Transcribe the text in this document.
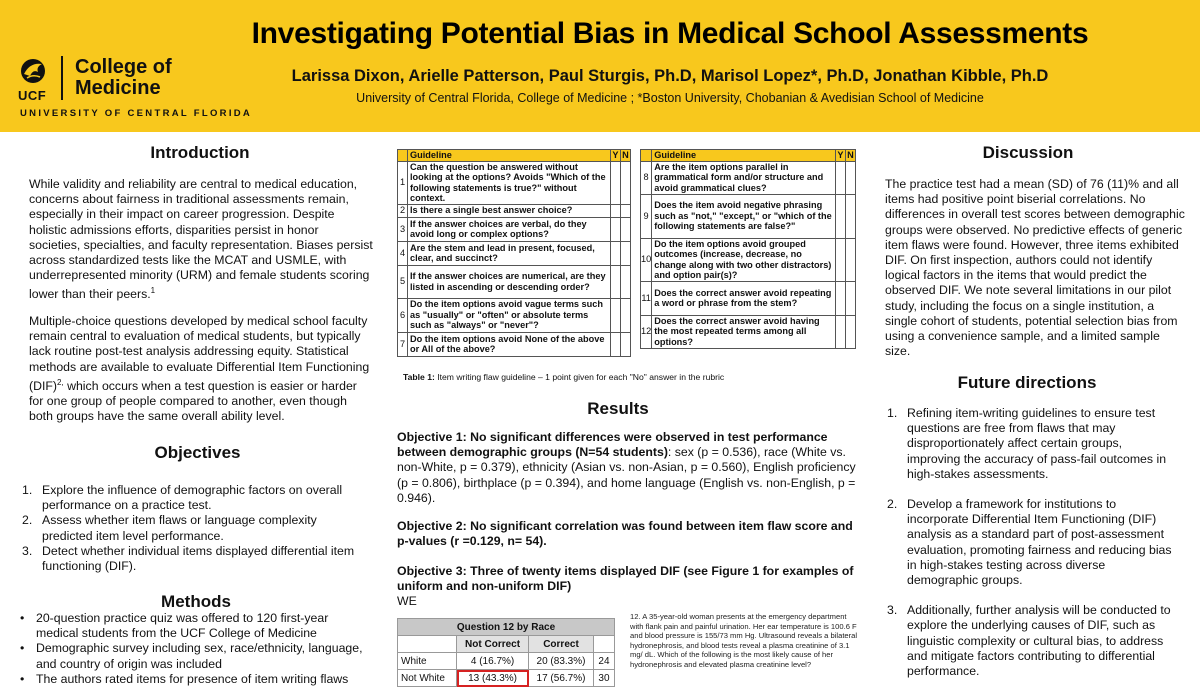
UCF
College of
Medicine
UNIVERSITY OF CENTRAL FLORIDA
Investigating Potential Bias in Medical School Assessments
Larissa Dixon, Arielle Patterson, Paul Sturgis, Ph.D, Marisol Lopez*, Ph.D, Jonathan Kibble, Ph.D
University of Central Florida, College of Medicine ; *Boston University, Chobanian & Avedisian School of Medicine
Introduction

While validity and reliability are central to medical education, concerns about fairness in traditional assessments remain, especially in their impact on career progression. Despite holistic admissions efforts, disparities persist in honor societies, specialties, and faculty representation. Biases persist across standardized tests like the MCAT and USMLE, with underrepresented minority (URM) and female students scoring lower than their peers.$^1$

Multiple-choice questions developed by medical school faculty remain central to evaluation of medical students, but typically lack routine post-test analysis addressing equity. Statistical methods are available to evaluate Differential Item Functioning (DIF)$^{2,}$ which occurs when a test question is easier or harder for one group of people compared to another, even though both groups have the same overall ability level.

Objectives
1. Explore the influence of demographic factors on overall performance on a practice test.
2. Assess whether item flaws or language complexity predicted item level performance.
3. Detect whether individual items displayed differential item functioning (DIF).
Methods
• 20-question practice quiz was offered to 120 first-year medical students from the UCF College of Medicine
• Demographic survey including sex, race/ethnicity, language, and country of origin was included
• The authors rated items for presence of item writing flaws
	Guideline	Y	N
1	Can the question be answered without looking at the options? Avoids "Which of the following statements is true?" without context.		
2	Is there a single best answer choice?		
3	If the answer choices are verbal, do they avoid long or complex options?		
4	Are the stem and lead in present, focused, clear, and succinct?		
5	If the answer choices are numerical, are they listed in ascending or descending order?		
6	Do the item options avoid vague terms such as "usually" or "often" or absolute terms such as "always" or "never"?		
7	Do the item options avoid None of the above or All of the above?		
	Guideline	Y	N
8	Are the item options parallel in grammatical form and/or structure and avoid grammatical clues?		
9	Does the item avoid negative phrasing such as "not," "except," or "which of the following statements are false?"		
10	Do the item options avoid grouped outcomes (increase, decrease, no change along with two other distractors) and option pair(s)?		
11	Does the correct answer avoid repeating a word or phrase from the stem?		
12	Does the correct answer avoid having the most repeated terms among all options?		
Table 1: Item writing flaw guideline – 1 point given for each "No" answer in the rubric
Results

Objective 1: No significant differences were observed in test performance between demographic groups (N=54 students): sex (p = 0.536), race (White vs. non-White, p = 0.379), ethnicity (Asian vs. non-Asian, p = 0.560), English proficiency (p = 0.806), birthplace (p = 0.394), and home language (English vs. non-English, p = 0.946).

Objective 2: No significant correlation was found between item flaw score and p-values (r =0.129, n= 54).

Objective 3: Three of twenty items displayed DIF (see Figure 1 for examples of uniform and non-uniform DIF)
WE

Question 12 by Race			
	Not Correct	Correct	
White	4 (16.7%)	20 (83.3%)	24
Not White	13 (43.3%)	17 (56.7%)	30
12. A 35-year-old woman presents at the emergency department with flank pain and painful urination. Her ear temperature is 100.6 F and blood pressure is 155/73 mm Hg. Ultrasound reveals a bilateral hydronephrosis, and blood tests reveal a plasma creatinine of 3.1 mg/ dL. Which of the following is the most likely cause of her hydronephrosis and elevated plasma creatinine level?
Discussion

The practice test had a mean (SD) of 76 (11)% and all items had positive point biserial correlations. No differences in overall test scores between demographic groups were observed. No predictive effects of generic item flaws were found. However, three items exhibited DIF. On first inspection, authors could not identify logical factors in the items that would predict the observed DIF. We note several limitations in our pilot study, including the focus on a single institution, a single cohort of students, potential selection bias from using a convenience sample, and a limited sample size.

Future directions
1. Refining item-writing guidelines to ensure test questions are free from flaws that may disproportionately affect certain groups, improving the accuracy of pass-fail outcomes in high-stakes assessments.
2. Develop a framework for institutions to incorporate Differential Item Functioning (DIF) analysis as a standard part of post-assessment evaluation, promoting fairness and reducing bias in high-stakes testing across diverse demographic groups.
3. Additionally, further analysis will be conducted to explore the underlying causes of DIF, such as linguistic complexity or cultural bias, to address and mitigate factors contributing to differential performance.
